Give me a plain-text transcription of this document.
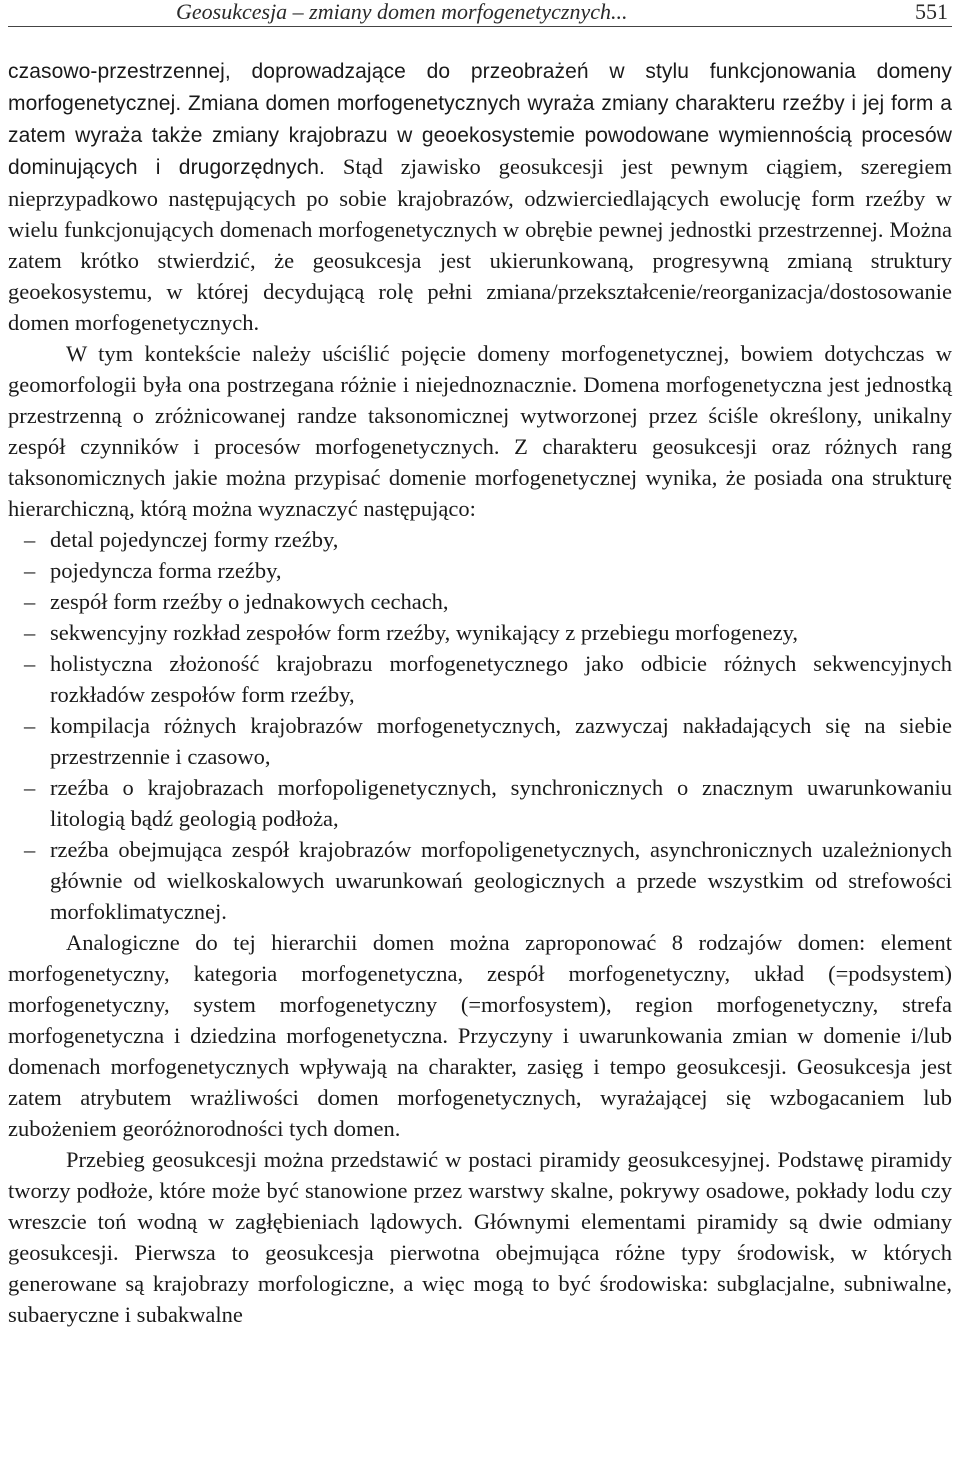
Geosukcesja – zmiany domen morfogenetycznych...	551

czasowo-przestrzennej, doprowadzające do przeobrażeń w stylu funkcjonowania domeny morfogenetycznej. Zmiana domen morfogenetycznych wyraża zmiany charakteru rzeźby i jej form a zatem wyraża także zmiany krajobrazu w geoekosystemie powodowane wymiennością procesów dominujących i drugorzędnych. Stąd zjawisko geosukcesji jest pewnym ciągiem, szeregiem nieprzypadkowo następujących po sobie krajobrazów, odzwierciedlających ewolucję form rzeźby w wielu funkcjonujących domenach morfogenetycznych w obrębie pewnej jednostki przestrzennej. Można zatem krótko stwierdzić, że geosukcesja jest ukierunkowaną, progresywną zmianą struktury geoekosystemu, w której decydującą rolę pełni zmiana/przekształcenie/reorganizacja/dostosowanie domen morfogenetycznych.

W tym kontekście należy uściślić pojęcie domeny morfogenetycznej, bowiem dotychczas w geomorfologii była ona postrzegana różnie i niejednoznacznie. Domena morfogenetyczna jest jednostką przestrzenną o zróżnicowanej randze taksonomicznej wytworzonej przez ściśle określony, unikalny zespół czynników i procesów morfogenetycznych. Z charakteru geosukcesji oraz różnych rang taksonomicznych jakie można przypisać domenie morfogenetycznej wynika, że posiada ona strukturę hierarchiczną, którą można wyznaczyć następująco:

– detal pojedynczej formy rzeźby,
– pojedyncza forma rzeźby,
– zespół form rzeźby o jednakowych cechach,
– sekwencyjny rozkład zespołów form rzeźby, wynikający z przebiegu morfogenezy,
– holistyczna złożoność krajobrazu morfogenetycznego jako odbicie różnych sekwencyjnych rozkładów zespołów form rzeźby,
– kompilacja różnych krajobrazów morfogenetycznych, zazwyczaj nakładających się na siebie przestrzennie i czasowo,
– rzeźba o krajobrazach morfopoligenetycznych, synchronicznych o znacznym uwarunkowaniu litologią bądź geologią podłoża,
– rzeźba obejmująca zespół krajobrazów morfopoligenetycznych, asynchronicznych uzależnionych głównie od wielkoskalowych uwarunkowań geologicznych a przede wszystkim od strefowości morfoklimatycznej.

Analogiczne do tej hierarchii domen można zaproponować 8 rodzajów domen: element morfogenetyczny, kategoria morfogenetyczna, zespół morfogenetyczny, układ (=podsystem) morfogenetyczny, system morfogenetyczny (=morfosystem), region morfogenetyczny, strefa morfogenetyczna i dziedzina morfogenetyczna. Przyczyny i uwarunkowania zmian w domenie i/lub domenach morfogenetycznych wpływają na charakter, zasięg i tempo geosukcesji. Geosukcesja jest zatem atrybutem wrażliwości domen morfogenetycznych, wyrażającej się wzbogacaniem lub zubożeniem georóżnorodności tych domen.

Przebieg geosukcesji można przedstawić w postaci piramidy geosukcesyjnej. Podstawę piramidy tworzy podłoże, które może być stanowione przez warstwy skalne, pokrywy osadowe, pokłady lodu czy wreszcie toń wodną w zagłębieniach lądowych. Głównymi elementami piramidy są dwie odmiany geosukcesji. Pierwsza to geosukcesja pierwotna obejmująca różne typy środowisk, w których generowane są krajobrazy morfologiczne, a więc mogą to być środowiska: subglacjalne, subniwalne, subaeryczne i subakwalne
